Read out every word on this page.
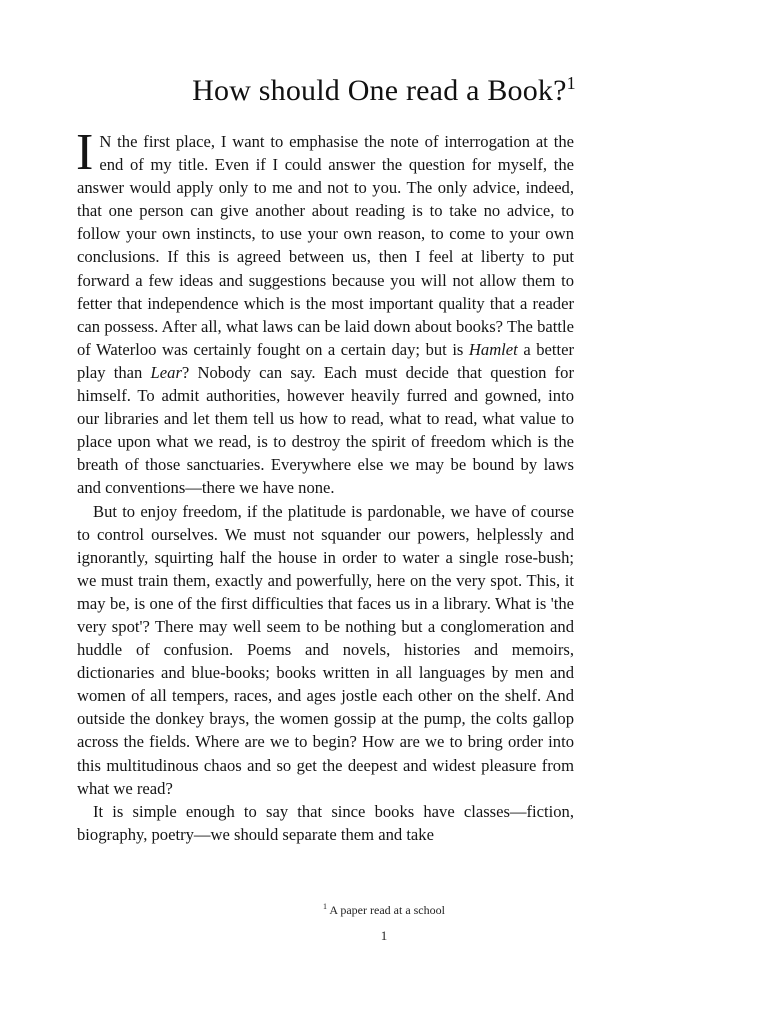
How should One read a Book?$^1$

I N the first place, I want to emphasise the note of interrogation at the end of my title. Even if I could answer the question for myself, the answer would apply only to me and not to you. The only advice, indeed, that one person can give another about reading is to take no advice, to follow your own instincts, to use your own reason, to come to your own conclusions. If this is agreed between us, then I feel at liberty to put forward a few ideas and suggestions because you will not allow them to fetter that independence which is the most important quality that a reader can possess. After all, what laws can be laid down about books? The battle of Waterloo was certainly fought on a certain day; but is Hamlet a better play than Lear? Nobody can say. Each must decide that question for himself. To admit authorities, however heavily furred and gowned, into our libraries and let them tell us how to read, what to read, what value to place upon what we read, is to destroy the spirit of freedom which is the breath of those sanctuaries. Everywhere else we may be bound by laws and conventions—there we have none.

But to enjoy freedom, if the platitude is pardonable, we have of course to control ourselves. We must not squander our powers, helplessly and ignorantly, squirting half the house in order to water a single rose-bush; we must train them, exactly and powerfully, here on the very spot. This, it may be, is one of the first difficulties that faces us in a library. What is 'the very spot'? There may well seem to be nothing but a conglomeration and huddle of confusion. Poems and novels, histories and memoirs, dictionaries and blue-books; books written in all languages by men and women of all tempers, races, and ages jostle each other on the shelf. And outside the donkey brays, the women gossip at the pump, the colts gallop across the fields. Where are we to begin? How are we to bring order into this multitudinous chaos and so get the deepest and widest pleasure from what we read?

It is simple enough to say that since books have classes—fiction, biography, poetry—we should separate them and take

$^1$ A paper read at a school
1
